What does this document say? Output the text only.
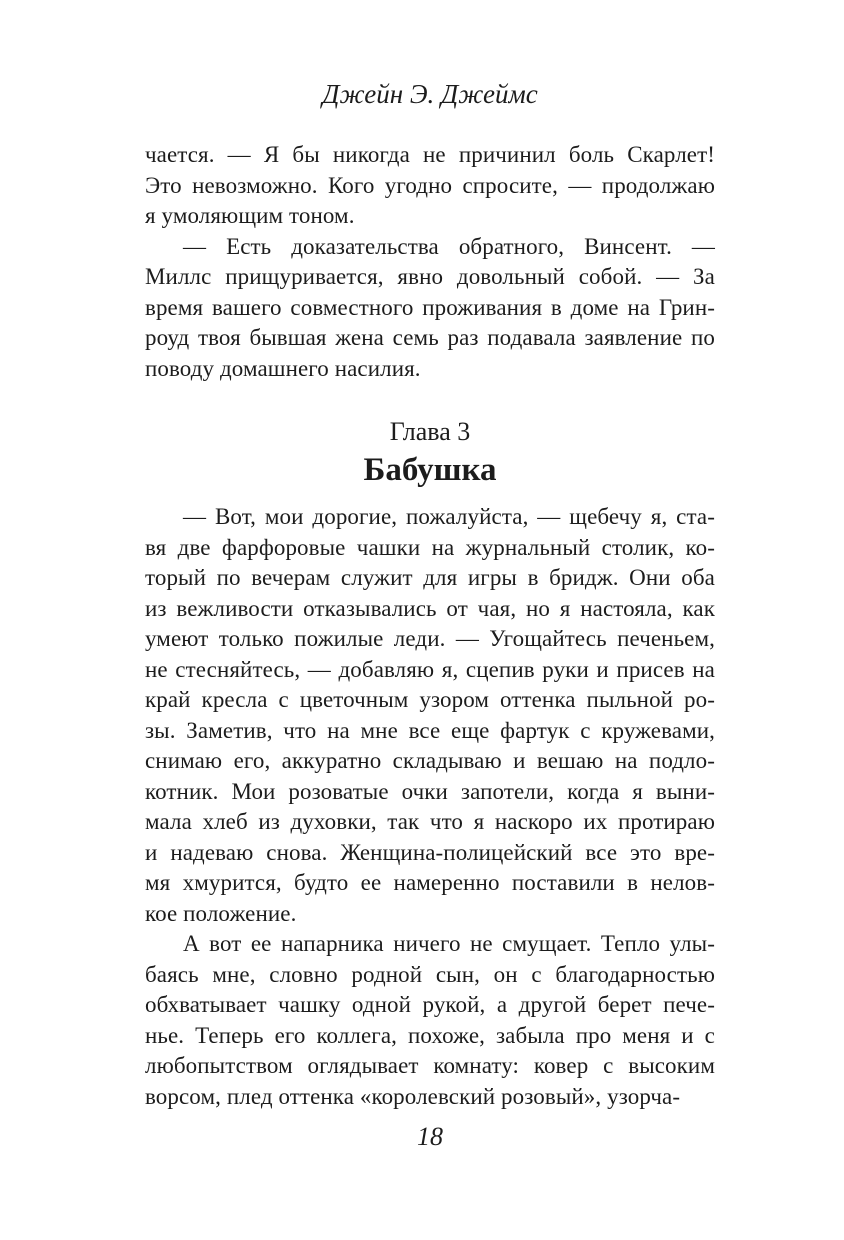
Джейн Э. Джеймс
чается. — Я бы никогда не причинил боль Скарлет!
Это невозможно. Кого угодно спросите, — продолжаю
я умоляющим тоном.
— Есть доказательства обратного, Винсент. —
Миллс прищуривается, явно довольный собой. — За
время вашего совместного проживания в доме на Грин-
роуд твоя бывшая жена семь раз подавала заявление по
поводу домашнего насилия.
Глава 3
Бабушка
— Вот, мои дорогие, пожалуйста, — щебечу я, ста-
вя две фарфоровые чашки на журнальный столик, ко-
торый по вечерам служит для игры в бридж. Они оба
из вежливости отказывались от чая, но я настояла, как
умеют только пожилые леди. — Угощайтесь печеньем,
не стесняйтесь, — добавляю я, сцепив руки и присев на
край кресла с цветочным узором оттенка пыльной ро-
зы. Заметив, что на мне все еще фартук с кружевами,
снимаю его, аккуратно складываю и вешаю на подло-
котник. Мои розоватые очки запотели, когда я выни-
мала хлеб из духовки, так что я наскоро их протираю
и надеваю снова. Женщина-полицейский все это вре-
мя хмурится, будто ее намеренно поставили в нелов-
кое положение.
А вот ее напарника ничего не смущает. Тепло улы-
баясь мне, словно родной сын, он с благодарностью
обхватывает чашку одной рукой, а другой берет пече-
нье. Теперь его коллега, похоже, забыла про меня и с
любопытством оглядывает комнату: ковер с высоким
ворсом, плед оттенка «королевский розовый», узорча-
18
